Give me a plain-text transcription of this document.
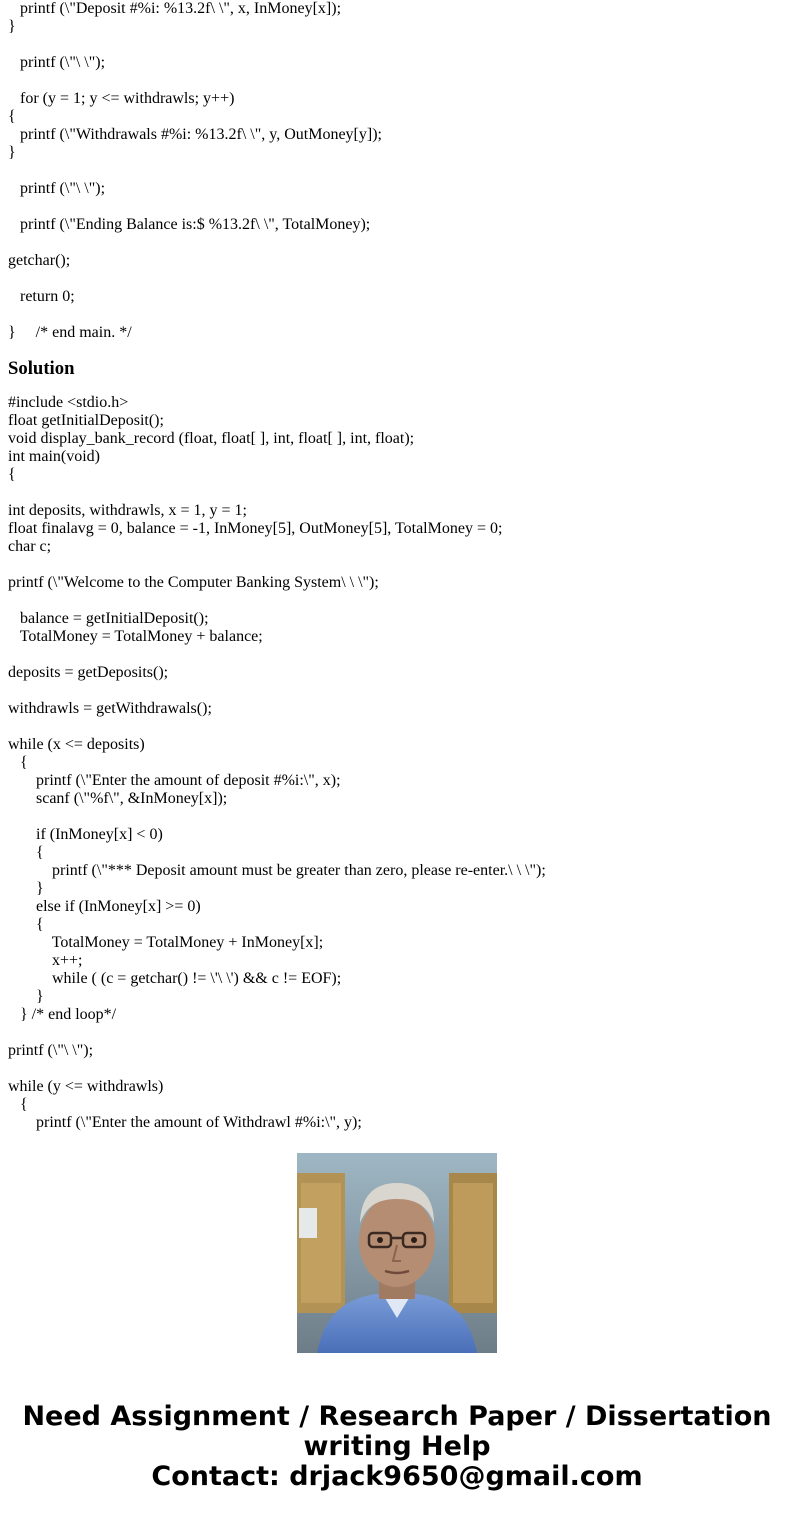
printf (\"Deposit #%i: %13.2f\ \", x, InMoney[x]);
}
printf (\"\ \");
for (y = 1; y <= withdrawls; y++)
{
printf (\"Withdrawals #%i: %13.2f\ \", y, OutMoney[y]);
}
printf (\"\ \");
printf (\"Ending Balance is:$ %13.2f\ \", TotalMoney);
getchar();
return 0;
}     /* end main. */
Solution
#include <stdio.h>
float getInitialDeposit();
void display_bank_record (float, float[ ], int, float[ ], int, float);
int main(void)
{
int deposits, withdrawls, x = 1, y = 1;
float finalavg = 0, balance = -1, InMoney[5], OutMoney[5], TotalMoney = 0;
char c;
printf (\"Welcome to the Computer Banking System\ \ \");
balance = getInitialDeposit();
TotalMoney = TotalMoney + balance;
deposits = getDeposits();
withdrawls = getWithdrawals();
while (x <= deposits)
{
printf (\"Enter the amount of deposit #%i:\", x);
scanf (\"%f\", &InMoney[x]);
if (InMoney[x] < 0)
{
printf (\"*** Deposit amount must be greater than zero, please re-enter.\ \ \");
}
else if (InMoney[x] >= 0)
{
TotalMoney = TotalMoney + InMoney[x];
x++;
while ( (c = getchar() != \'\ \') && c != EOF);
}
} /* end loop*/
printf (\"\ \");
while (y <= withdrawls)
{
printf (\"Enter the amount of Withdrawl #%i:\", y);
Need Assignment / Research Paper / Dissertation
writing Help
Contact: drjack9650@gmail.com
